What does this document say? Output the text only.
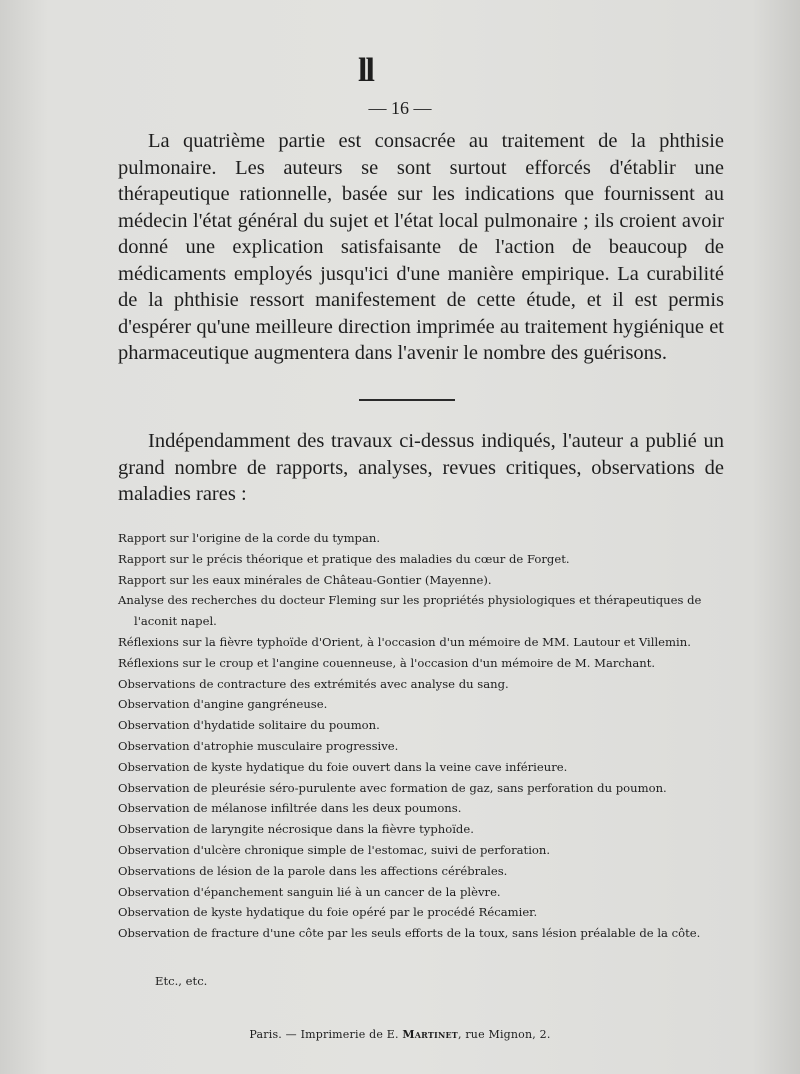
ll
— 16 —

La quatrième partie est consacrée au traitement de la phthisie pulmonaire. Les auteurs se sont surtout efforcés d'établir une thérapeutique rationnelle, basée sur les indications que fournissent au médecin l'état général du sujet et l'état local pulmonaire ; ils croient avoir donné une explication satisfaisante de l'action de beaucoup de médicaments employés jusqu'ici d'une manière empirique. La curabilité de la phthisie ressort manifestement de cette étude, et il est permis d'espérer qu'une meilleure direction imprimée au traitement hygiénique et pharmaceutique augmentera dans l'avenir le nombre des guérisons.

Indépendamment des travaux ci-dessus indiqués, l'auteur a publié un grand nombre de rapports, analyses, revues critiques, observations de maladies rares :

Rapport sur l'origine de la corde du tympan.
Rapport sur le précis théorique et pratique des maladies du cœur de Forget.
Rapport sur les eaux minérales de Château-Gontier (Mayenne).
Analyse des recherches du docteur Fleming sur les propriétés physiologiques et thérapeutiques de l'aconit napel.
Réflexions sur la fièvre typhoïde d'Orient, à l'occasion d'un mémoire de MM. Lautour et Villemin.
Réflexions sur le croup et l'angine couenneuse, à l'occasion d'un mémoire de M. Marchant.
Observations de contracture des extrémités avec analyse du sang.
Observation d'angine gangréneuse.
Observation d'hydatide solitaire du poumon.
Observation d'atrophie musculaire progressive.
Observation de kyste hydatique du foie ouvert dans la veine cave inférieure.
Observation de pleurésie séro-purulente avec formation de gaz, sans perforation du poumon.
Observation de mélanose infiltrée dans les deux poumons.
Observation de laryngite nécrosique dans la fièvre typhoïde.
Observation d'ulcère chronique simple de l'estomac, suivi de perforation.
Observations de lésion de la parole dans les affections cérébrales.
Observation d'épanchement sanguin lié à un cancer de la plèvre.
Observation de kyste hydatique du foie opéré par le procédé Récamier.
Observation de fracture d'une côte par les seuls efforts de la toux, sans lésion préalable de la côte.
Etc., etc.
Paris. — Imprimerie de E. Martinet, rue Mignon, 2.
